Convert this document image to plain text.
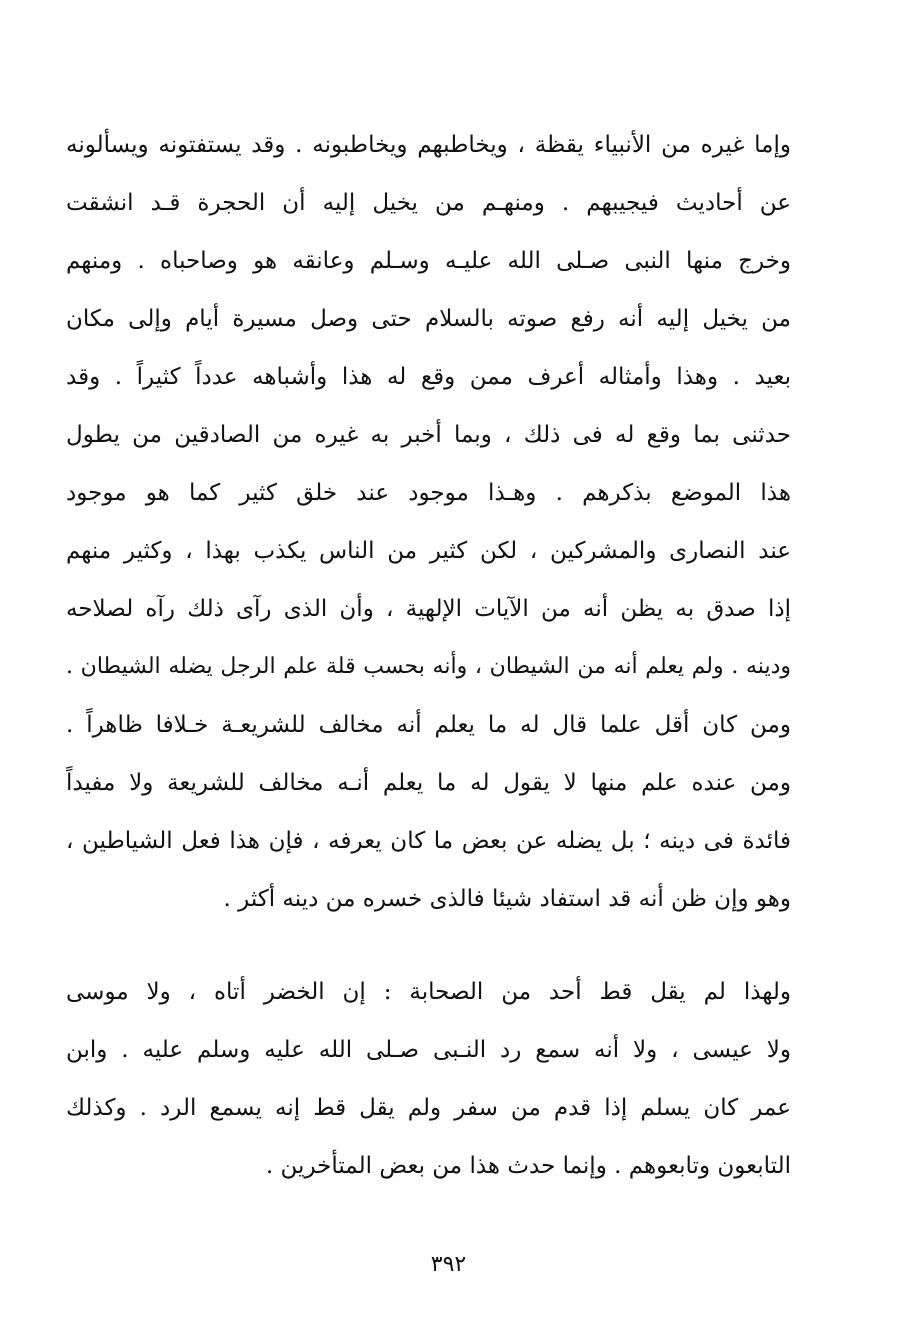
وإما غيره من الأنبياء يقظة ، ويخاطبهم ويخاطبونه . وقد يستفتونه ويسألونه
عن أحاديث فيجيبهم . ومنهـم من يخيل إليه أن الحجرة قـد انشقت
وخرج منها النبى صـلى الله عليـه وسـلم وعانقه هو وصاحباه . ومنهم
من يخيل إليه أنه رفع صوته بالسلام حتى وصل مسيرة أيام وإلى مكان
بعيد . وهذا وأمثاله أعرف ممن وقع له هذا وأشباهه عدداً كثيراً . وقد
حدثنى بما وقع له فى ذلك ، وبما أخبر به غيره من الصادقين من يطول
هذا الموضع بذكرهم . وهـذا موجود عند خلق كثير كما هو موجود
عند النصارى والمشركين ، لكن كثير من الناس يكذب بهذا ، وكثير منهم
إذا صدق به يظن أنه من الآيات الإلهية ، وأن الذى رآى ذلك رآه لصلاحه
ودينه . ولم يعلم أنه من الشيطان ، وأنه بحسب قلة علم الرجل يضله الشيطان .
ومن كان أقل علما قال له ما يعلم أنه مخالف للشريعـة خـلافا ظاهراً .
ومن عنده علم منها لا يقول له ما يعلم أنـه مخالف للشريعة ولا مفيداً
فائدة فى دينه ؛ بل يضله عن بعض ما كان يعرفه ، فإن هذا فعل الشياطين ،
وهو وإن ظن أنه قد استفاد شيئا فالذى خسره من دينه أكثر .
ولهذا لم يقل قط أحد من الصحابة : إن الخضر أتاه ، ولا موسى
ولا عيسى ، ولا أنه سمع رد النـبى صـلى الله عليه وسلم عليه . وابن
عمر كان يسلم إذا قدم من سفر ولم يقل قط إنه يسمع الرد . وكذلك
التابعون وتابعوهم . وإنما حدث هذا من بعض المتأخرين .
٣٩٢
